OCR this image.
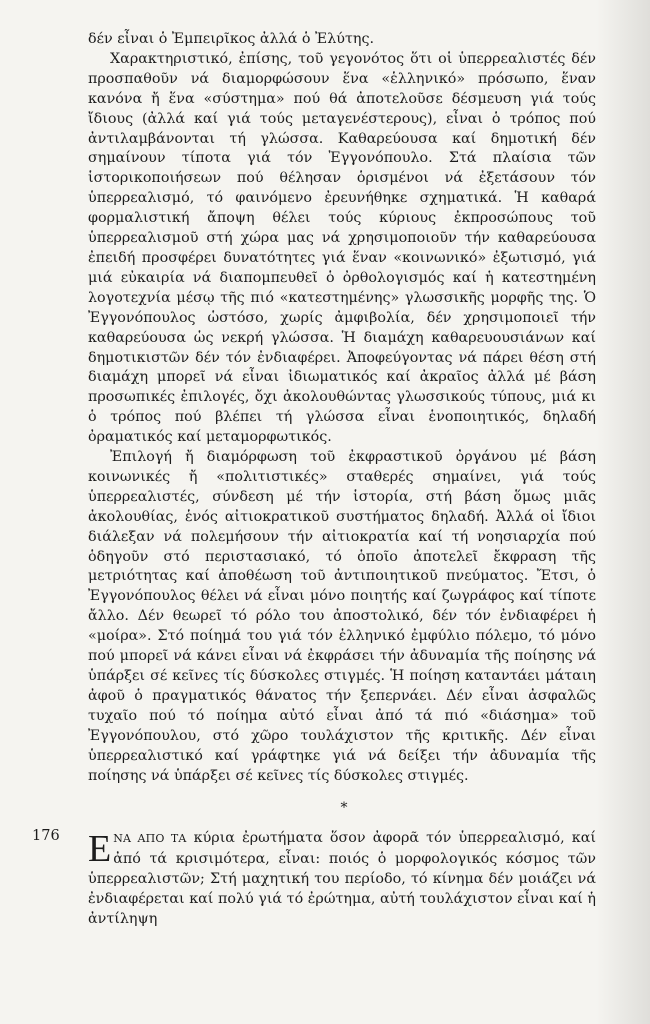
δέν εἶναι ὁ Ἐμπειρῖκος ἀλλά ὁ Ἐλύτης.

Χαρακτηριστικό, ἐπίσης, τοῦ γεγονότος ὅτι οἱ ὑπερρεαλιστές δέν προσπαθοῦν νά διαμορφώσουν ἕνα «ἑλληνικό» πρόσωπο, ἕναν κανόνα ἤ ἕνα «σύστημα» πού θά ἀποτελοῦσε δέσμευση γιά τούς ἴδιους (ἀλλά καί γιά τούς μεταγενέστερους), εἶναι ὁ τρόπος πού ἀντιλαμβάνονται τή γλώσσα. Καθαρεύουσα καί δημοτική δέν σημαίνουν τίποτα γιά τόν Ἐγγονόπουλο. Στά πλαίσια τῶν ἱστορικοποιήσεων πού θέλησαν ὁρισμένοι νά ἐξετάσουν τόν ὑπερρεαλισμό, τό φαινόμενο ἐρευνήθηκε σχηματικά. Ἡ καθαρά φορμαλιστική ἄποψη θέλει τούς κύριους ἐκπροσώπους τοῦ ὑπερρεαλισμοῦ στή χώρα μας νά χρησιμοποιοῦν τήν καθαρεύουσα ἐπειδή προσφέρει δυνατότητες γιά ἕναν «κοινωνικό» ἐξωτισμό, γιά μιά εὐκαιρία νά διαπομπευθεῖ ὁ ὀρθολογισμός καί ἡ κατεστημένη λογοτεχνία μέσῳ τῆς πιό «κατεστημένης» γλωσσικῆς μορφῆς της. Ὁ Ἐγγονόπουλος ὡστόσο, χωρίς ἀμφιβολία, δέν χρησιμοποιεῖ τήν καθαρεύουσα ὡς νεκρή γλώσσα. Ἡ διαμάχη καθαρευουσιάνων καί δημοτικιστῶν δέν τόν ἐνδιαφέρει. Ἀποφεύγοντας νά πάρει θέση στή διαμάχη μπορεῖ νά εἶναι ἰδιωματικός καί ἀκραῖος ἀλλά μέ βάση προσωπικές ἐπιλογές, ὄχι ἀκολουθώντας γλωσσικούς τύπους, μιά κι ὁ τρόπος πού βλέπει τή γλώσσα εἶναι ἑνοποιητικός, δηλαδή ὀραματικός καί μεταμορφωτικός.

Ἐπιλογή ἤ διαμόρφωση τοῦ ἐκφραστικοῦ ὀργάνου μέ βάση κοινωνικές ἤ «πολιτιστικές» σταθερές σημαίνει, γιά τούς ὑπερρεαλιστές, σύνδεση μέ τήν ἱστορία, στή βάση ὅμως μιᾶς ἀκολουθίας, ἑνός αἰτιοκρατικοῦ συστήματος δηλαδή. Ἀλλά οἱ ἴδιοι διάλεξαν νά πολεμήσουν τήν αἰτιοκρατία καί τή νοησιαρχία πού ὁδηγοῦν στό περιστασιακό, τό ὁποῖο ἀποτελεῖ ἔκφραση τῆς μετριότητας καί ἀποθέωση τοῦ ἀντιποιητικοῦ πνεύματος. Ἔτσι, ὁ Ἐγγονόπουλος θέλει νά εἶναι μόνο ποιητής καί ζωγράφος καί τίποτε ἄλλο. Δέν θεωρεῖ τό ρόλο του ἀποστολικό, δέν τόν ἐνδιαφέρει ἡ «μοίρα». Στό ποίημά του γιά τόν ἑλληνικό ἐμφύλιο πόλεμο, τό μόνο πού μπορεῖ νά κάνει εἶναι νά ἐκφράσει τήν ἀδυναμία τῆς ποίησης νά ὑπάρξει σέ κεῖνες τίς δύσκολες στιγμές. Ἡ ποίηση καταντάει μάταιη ἀφοῦ ὁ πραγματικός θάνατος τήν ξεπερνάει. Δέν εἶναι ἀσφαλῶς τυχαῖο πού τό ποίημα αὐτό εἶναι ἀπό τά πιό «διάσημα» τοῦ Ἐγγονόπουλου, στό χῶρο τουλάχιστον τῆς κριτικῆς. Δέν εἶναι ὑπερρεαλιστικό καί γράφτηκε γιά νά δείξει τήν ἀδυναμία τῆς ποίησης νά ὑπάρξει σέ κεῖνες τίς δύσκολες στιγμές.

*
176 ΕΝΑ ΑΠΟ ΤΑ κύρια ἐρωτήματα ὅσον ἀφορᾶ τόν ὑπερρεαλισμό, καί ἀπό τά κρισιμότερα, εἶναι: ποιός ὁ μορφολογικός κόσμος τῶν ὑπερρεαλιστῶν; Στή μαχητική του περίοδο, τό κίνημα δέν μοιάζει νά ἐνδιαφέρεται καί πολύ γιά τό ἐρώτημα, αὐτή τουλάχιστον εἶναι καί ἡ ἀντίληψη
